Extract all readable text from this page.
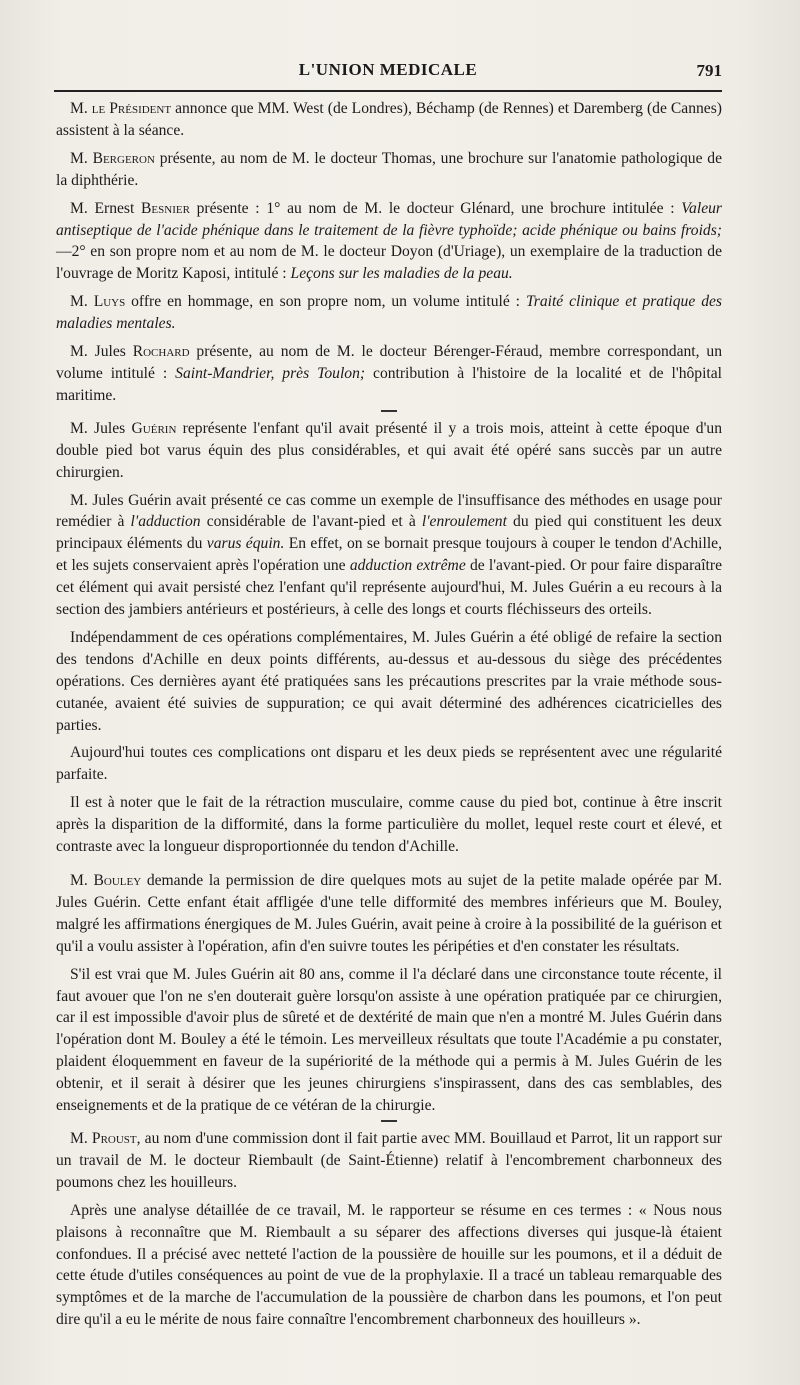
L'UNION MEDICALE	791

M. le Président annonce que MM. West (de Londres), Béchamp (de Rennes) et Daremberg (de Cannes) assistent à la séance.

M. Bergeron présente, au nom de M. le docteur Thomas, une brochure sur l'anatomie pathologique de la diphthérie.

M. Ernest Besnier présente : 1° au nom de M. le docteur Glénard, une brochure intitulée : Valeur antiseptique de l'acide phénique dans le traitement de la fièvre typhoïde; acide phénique ou bains froids; —2° en son propre nom et au nom de M. le docteur Doyon (d'Uriage), un exemplaire de la traduction de l'ouvrage de Moritz Kaposi, intitulé : Leçons sur les maladies de la peau.

M. Luys offre en hommage, en son propre nom, un volume intitulé : Traité clinique et pratique des maladies mentales.

M. Jules Rochard présente, au nom de M. le docteur Bérenger-Féraud, membre correspondant, un volume intitulé : Saint-Mandrier, près Toulon; contribution à l'histoire de la localité et de l'hôpital maritime.

M. Jules Guérin représente l'enfant qu'il avait présenté il y a trois mois, atteint à cette époque d'un double pied bot varus équin des plus considérables, et qui avait été opéré sans succès par un autre chirurgien.

M. Jules Guérin avait présenté ce cas comme un exemple de l'insuffisance des méthodes en usage pour remédier à l'adduction considérable de l'avant-pied et à l'enroulement du pied qui constituent les deux principaux éléments du varus équin. En effet, on se bornait presque toujours à couper le tendon d'Achille, et les sujets conservaient après l'opération une adduction extrême de l'avant-pied. Or pour faire disparaître cet élément qui avait persisté chez l'enfant qu'il représente aujourd'hui, M. Jules Guérin a eu recours à la section des jambiers antérieurs et postérieurs, à celle des longs et courts fléchisseurs des orteils.

Indépendamment de ces opérations complémentaires, M. Jules Guérin a été obligé de refaire la section des tendons d'Achille en deux points différents, au-dessus et au-dessous du siège des précédentes opérations. Ces dernières ayant été pratiquées sans les précautions prescrites par la vraie méthode sous-cutanée, avaient été suivies de suppuration; ce qui avait déterminé des adhérences cicatricielles des parties.

Aujourd'hui toutes ces complications ont disparu et les deux pieds se représentent avec une régularité parfaite.

Il est à noter que le fait de la rétraction musculaire, comme cause du pied bot, continue à être inscrit après la disparition de la difformité, dans la forme particulière du mollet, lequel reste court et élevé, et contraste avec la longueur disproportionnée du tendon d'Achille.

M. Bouley demande la permission de dire quelques mots au sujet de la petite malade opérée par M. Jules Guérin. Cette enfant était affligée d'une telle difformité des membres inférieurs que M. Bouley, malgré les affirmations énergiques de M. Jules Guérin, avait peine à croire à la possibilité de la guérison et qu'il a voulu assister à l'opération, afin d'en suivre toutes les péripéties et d'en constater les résultats.

S'il est vrai que M. Jules Guérin ait 80 ans, comme il l'a déclaré dans une circonstance toute récente, il faut avouer que l'on ne s'en douterait guère lorsqu'on assiste à une opération pratiquée par ce chirurgien, car il est impossible d'avoir plus de sûreté et de dextérité de main que n'en a montré M. Jules Guérin dans l'opération dont M. Bouley a été le témoin. Les merveilleux résultats que toute l'Académie a pu constater, plaident éloquemment en faveur de la supériorité de la méthode qui a permis à M. Jules Guérin de les obtenir, et il serait à désirer que les jeunes chirurgiens s'inspirassent, dans des cas semblables, des enseignements et de la pratique de ce vétéran de la chirurgie.

M. Proust, au nom d'une commission dont il fait partie avec MM. Bouillaud et Parrot, lit un rapport sur un travail de M. le docteur Riembault (de Saint-Étienne) relatif à l'encombrement charbonneux des poumons chez les houilleurs.

Après une analyse détaillée de ce travail, M. le rapporteur se résume en ces termes : « Nous nous plaisons à reconnaître que M. Riembault a su séparer des affections diverses qui jusque-là étaient confondues. Il a précisé avec netteté l'action de la poussière de houille sur les poumons, et il a déduit de cette étude d'utiles conséquences au point de vue de la prophylaxie. Il a tracé un tableau remarquable des symptômes et de la marche de l'accumulation de la poussière de charbon dans les poumons, et l'on peut dire qu'il a eu le mérite de nous faire connaître l'encombrement charbonneux des houilleurs ».
